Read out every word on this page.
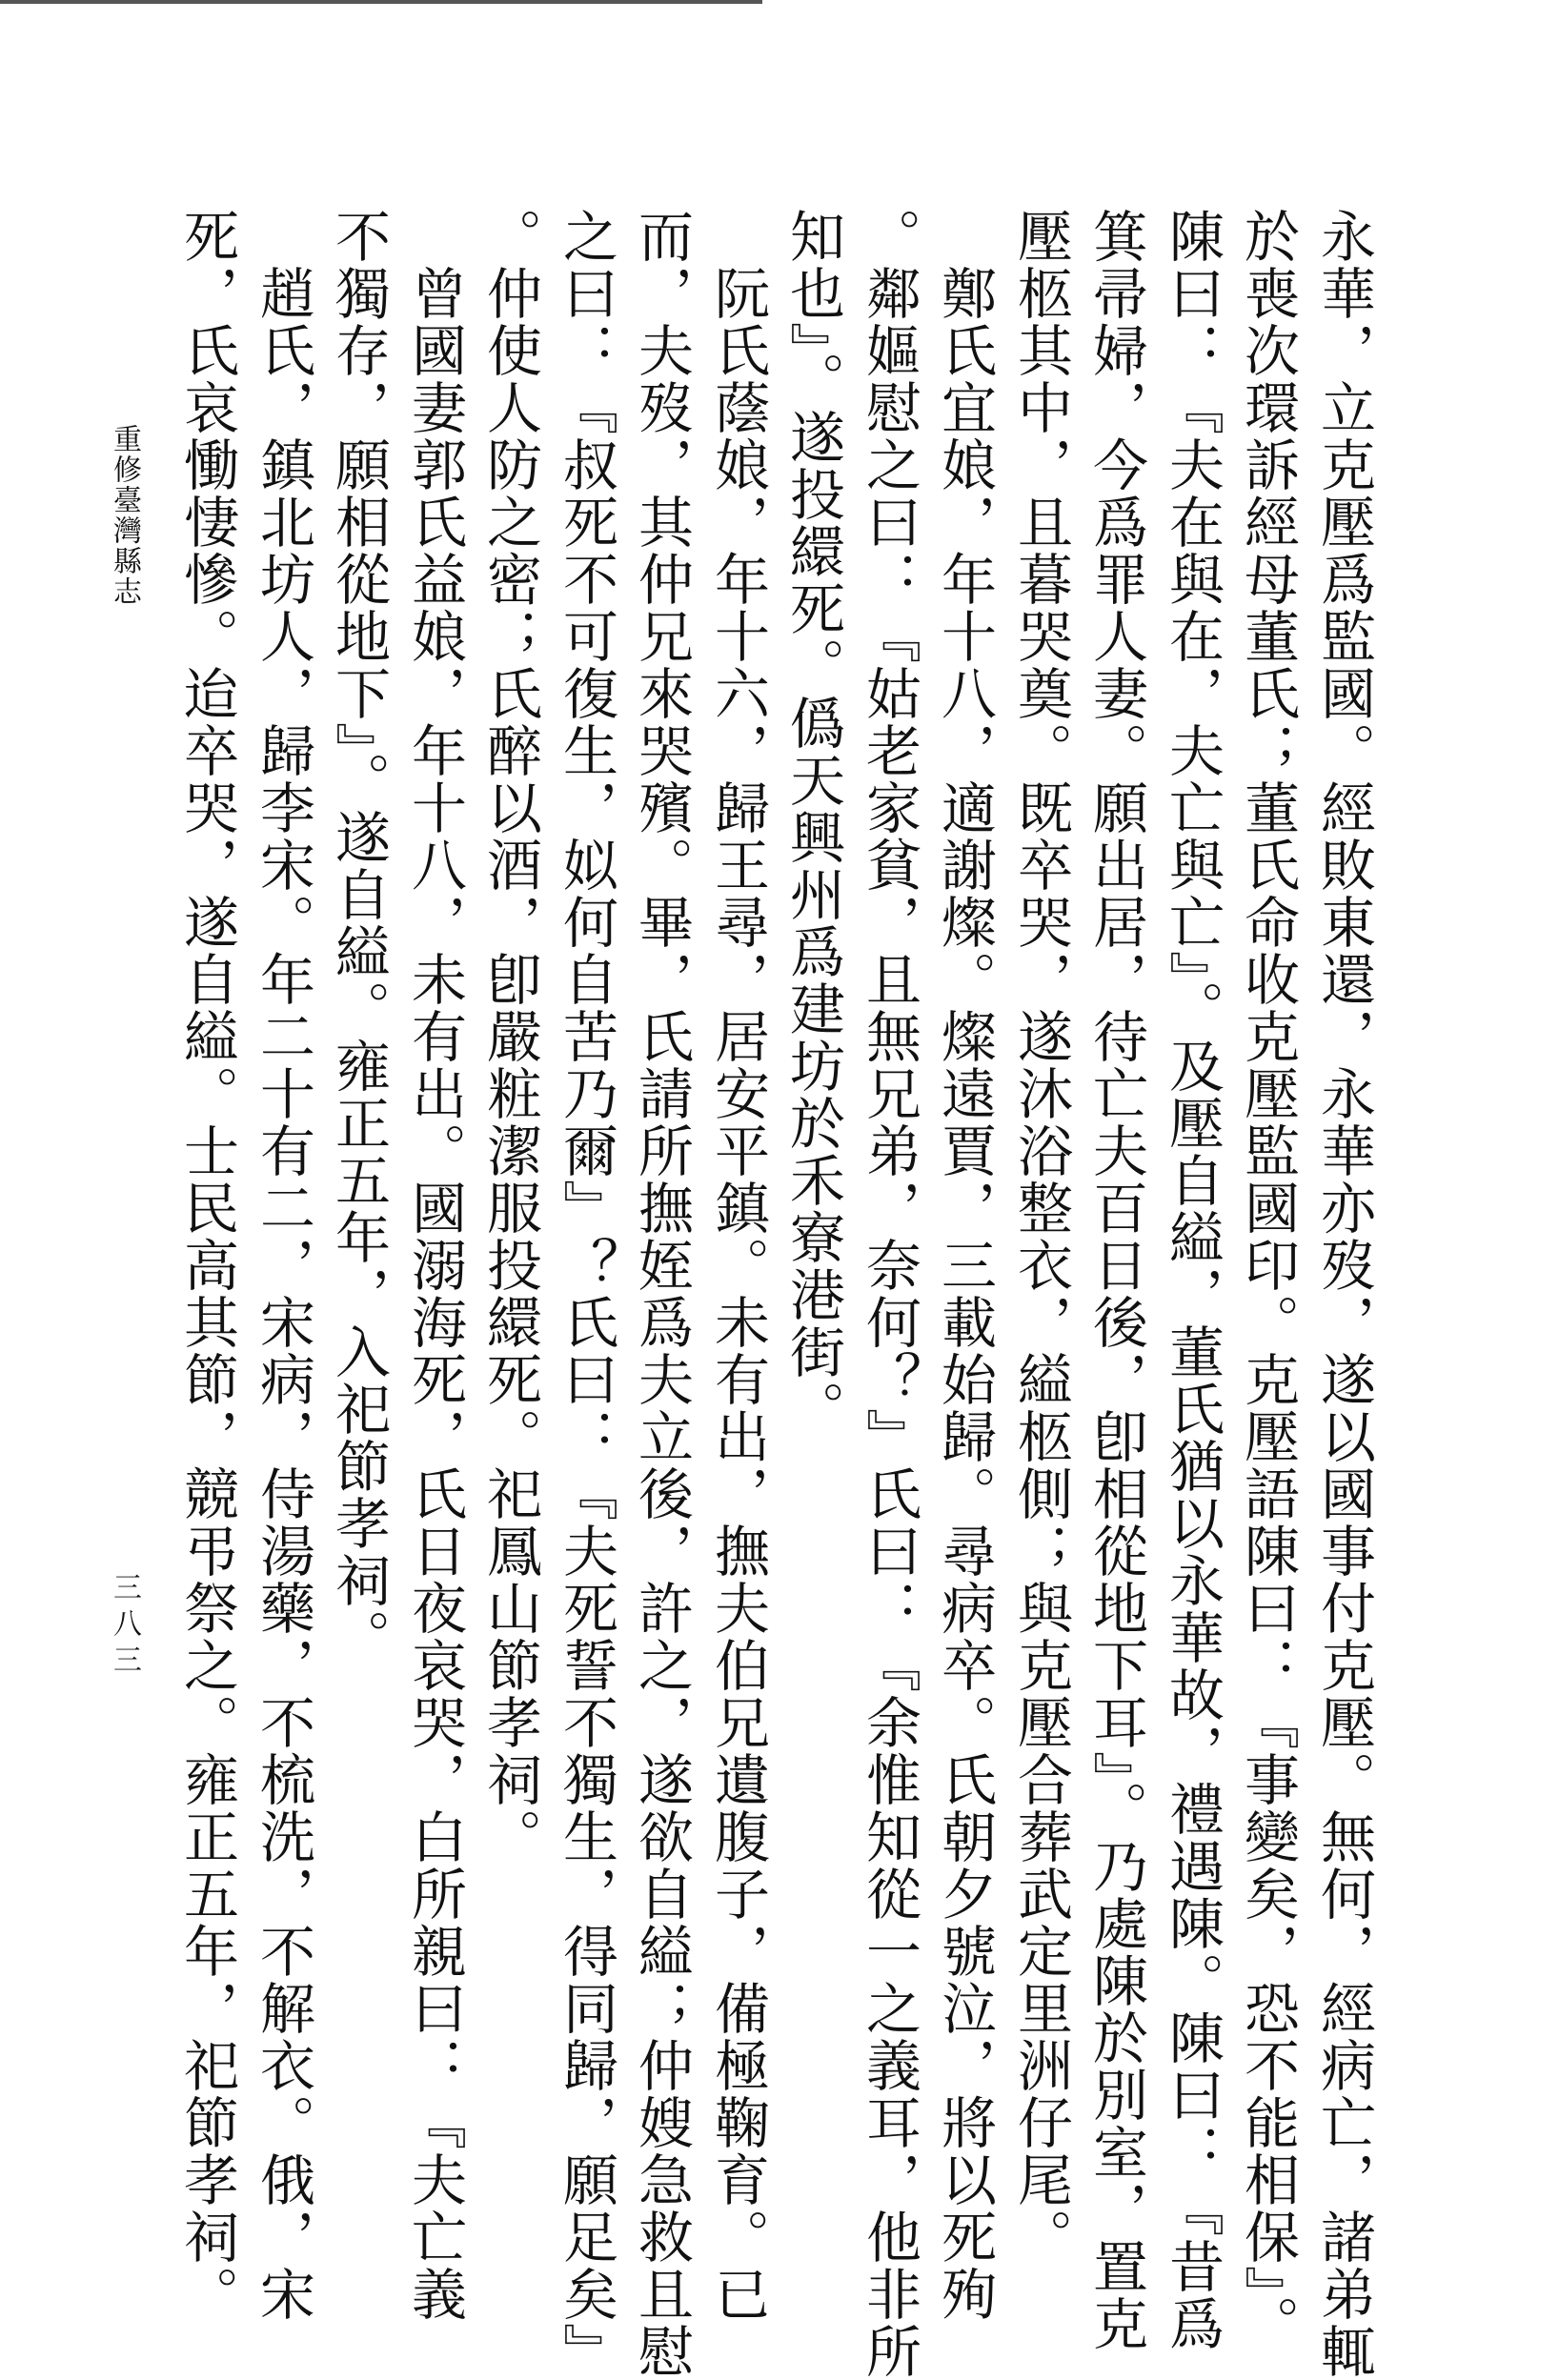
永華，立克壓爲監國。經敗東還，永華亦歿，遂以國事付克壓。無何，經病亡，諸弟輒
於喪次環訴經母董氏；董氏命收克壓監國印。克壓語陳曰：『事變矣，恐不能相保』。
陳曰：『夫在與在，夫亡與亡』。及壓自縊，董氏猶以永華故，禮遇陳。陳曰：『昔爲
箕帚婦，今爲罪人妻。願出居，待亡夫百日後，卽相從地下耳』。乃處陳於別室，置克
壓柩其中，且暮哭奠。既卒哭，遂沐浴整衣，縊柩側；與克壓合葬武定里洲仔尾。
　鄭氏宜娘，年十八，適謝燦。燦遠賈，三載始歸。尋病卒。氏朝夕號泣，將以死殉
。鄰嫗慰之曰：『姑老家貧，且無兄弟，奈何？』氏曰：『余惟知從一之義耳，他非所
知也』。遂投繯死。僞天興州爲建坊於禾寮港街。
　阮氏蔭娘，年十六，歸王尋，居安平鎮。未有出，撫夫伯兄遺腹子，備極鞠育。已
而，夫歿，其仲兄來哭殯。畢，氏請所撫姪爲夫立後，許之，遂欲自縊；仲嫂急救且慰
之曰：『叔死不可復生，姒何自苦乃爾』？氏曰：『夫死誓不獨生，得同歸，願足矣』
。仲使人防之密；氏醉以酒，卽嚴粧潔服投繯死。祀鳳山節孝祠。
　曾國妻郭氏益娘，年十八，未有出。國溺海死，氏日夜哀哭，白所親曰：『夫亡義
不獨存，願相從地下』。遂自縊。雍正五年，入祀節孝祠。
　趙氏，鎮北坊人，歸李宋。年二十有二，宋病，侍湯藥，不梳洗，不解衣。俄，宋
死，氏哀慟悽慘。迨卒哭，遂自縊。士民高其節，競弔祭之。雍正五年，祀節孝祠。
重修臺灣縣志
三八三
